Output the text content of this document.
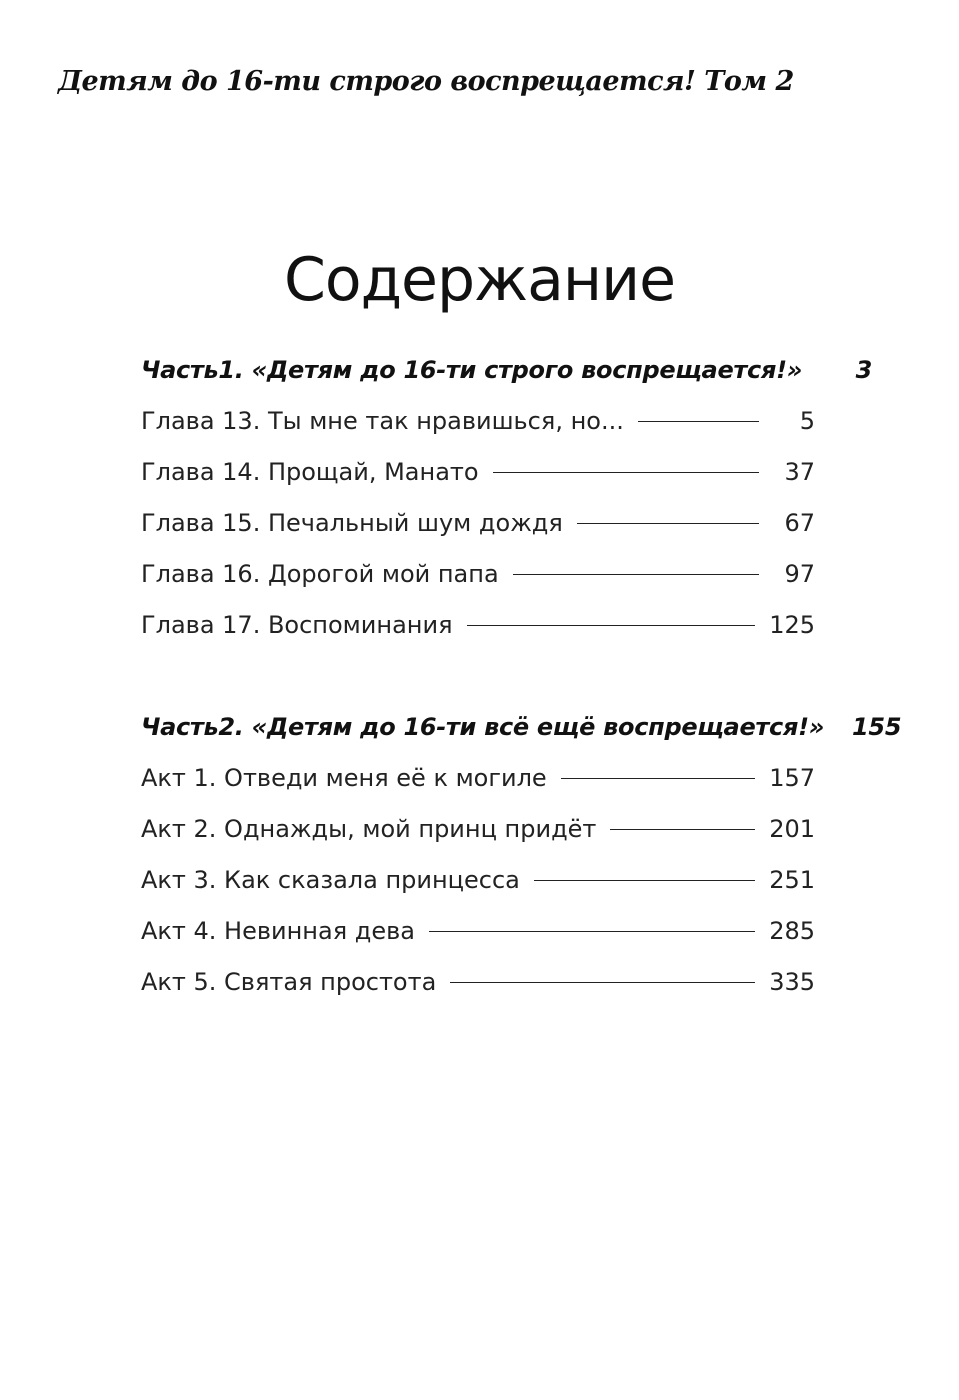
Детям до 16-ти строго воспрещается! Том 2
Содержание
Часть1. «Детям до 16-ти строго воспрещается!»	3
Глава 13. Ты мне так нравишься, но...	5
Глава 14. Прощай, Манато	37
Глава 15. Печальный шум дождя	67
Глава 16. Дорогой мой папа	97
Глава 17. Воспоминания	125
Часть2. «Детям до 16-ти всё ещё воспрещается!» 155
Акт 1. Отведи меня её к могиле	157
Акт 2. Однажды, мой принц придёт	201
Акт 3. Как сказала принцесса	251
Акт 4. Невинная дева	285
Акт 5. Святая простота	335
